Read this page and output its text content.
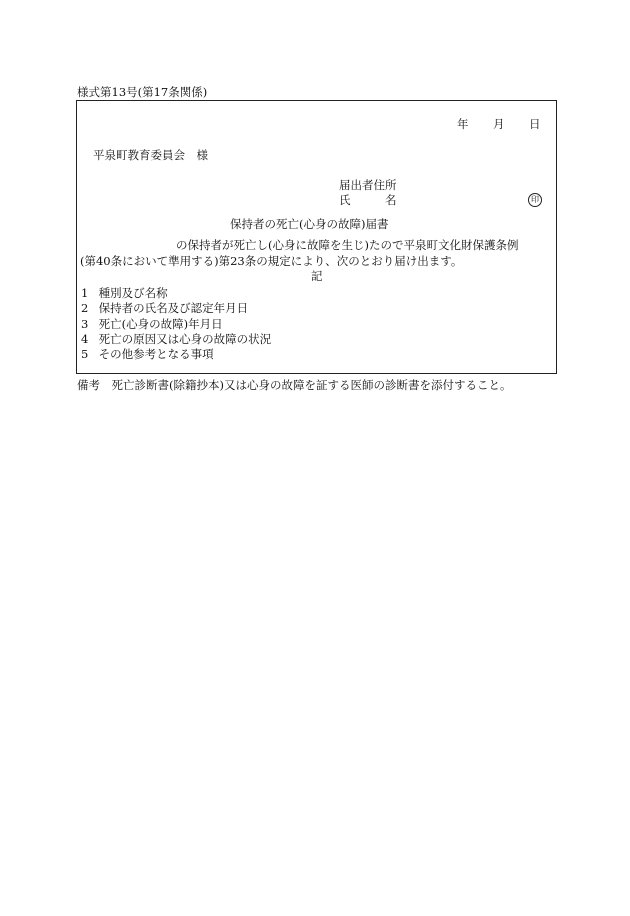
様式第13号(第17条関係)
年 月 日
平泉町教育委員会　様
届出者住所
氏	名	印
保持者の死亡(心身の故障)届書
の保持者が死亡し(心身に故障を生じ)たので平泉町文化財保護条例
(第40条において準用する)第23条の規定により、次のとおり届け出ます。
記
1 種別及び名称
2 保持者の氏名及び認定年月日
3 死亡(心身の故障)年月日
4 死亡の原因又は心身の故障の状況
5 その他参考となる事項
備考　死亡診断書(除籍抄本)又は心身の故障を証する医師の診断書を添付すること。
